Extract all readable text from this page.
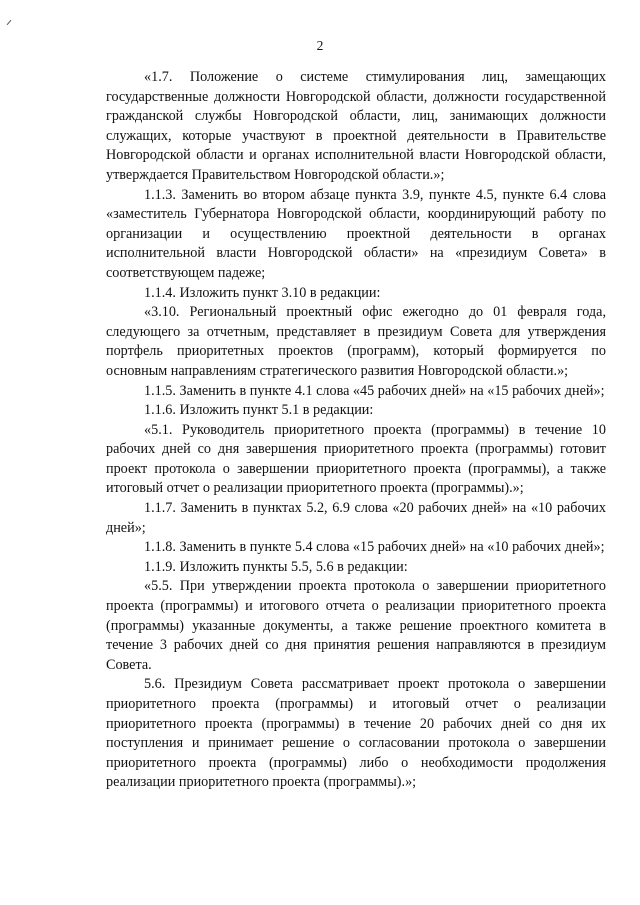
2

«1.7. Положение о системе стимулирования лиц, замещающих государственные должности Новгородской области, должности государственной гражданской службы Новгородской области, лиц, занимающих должности служащих, которые участвуют в проектной деятельности в Правительстве Новгородской области и органах исполнительной власти Новгородской области, утверждается Правительством Новгородской области.»;

1.1.3. Заменить во втором абзаце пункта 3.9, пункте 4.5, пункте 6.4 слова «заместитель Губернатора Новгородской области, координирующий работу по организации и осуществлению проектной деятельности в органах исполнительной власти Новгородской области» на «президиум Совета» в соответствующем падеже;

1.1.4. Изложить пункт 3.10 в редакции:

«3.10. Региональный проектный офис ежегодно до 01 февраля года, следующего за отчетным, представляет в президиум Совета для утверждения портфель приоритетных проектов (программ), который формируется по основным направлениям стратегического развития Новгородской области.»;

1.1.5. Заменить в пункте 4.1 слова «45 рабочих дней» на «15 рабочих дней»;

1.1.6. Изложить пункт 5.1 в редакции:

«5.1. Руководитель приоритетного проекта (программы) в течение 10 рабочих дней со дня завершения приоритетного проекта (программы) готовит проект протокола о завершении приоритетного проекта (программы), а также итоговый отчет о реализации приоритетного проекта (программы).»;

1.1.7. Заменить в пунктах 5.2, 6.9 слова «20 рабочих дней» на «10 рабочих дней»;

1.1.8. Заменить в пункте 5.4 слова «15 рабочих дней» на «10 рабочих дней»;

1.1.9. Изложить пункты 5.5, 5.6 в редакции:

«5.5. При утверждении проекта протокола о завершении приоритетного проекта (программы) и итогового отчета о реализации приоритетного проекта (программы) указанные документы, а также решение проектного комитета в течение 3 рабочих дней со дня принятия решения направляются в президиум Совета.

5.6. Президиум Совета рассматривает проект протокола о завершении приоритетного проекта (программы) и итоговый отчет о реализации приоритетного проекта (программы) в течение 20 рабочих дней со дня их поступления и принимает решение о согласовании протокола о завершении приоритетного проекта (программы) либо о необходимости продолжения реализации приоритетного проекта (программы).»;
